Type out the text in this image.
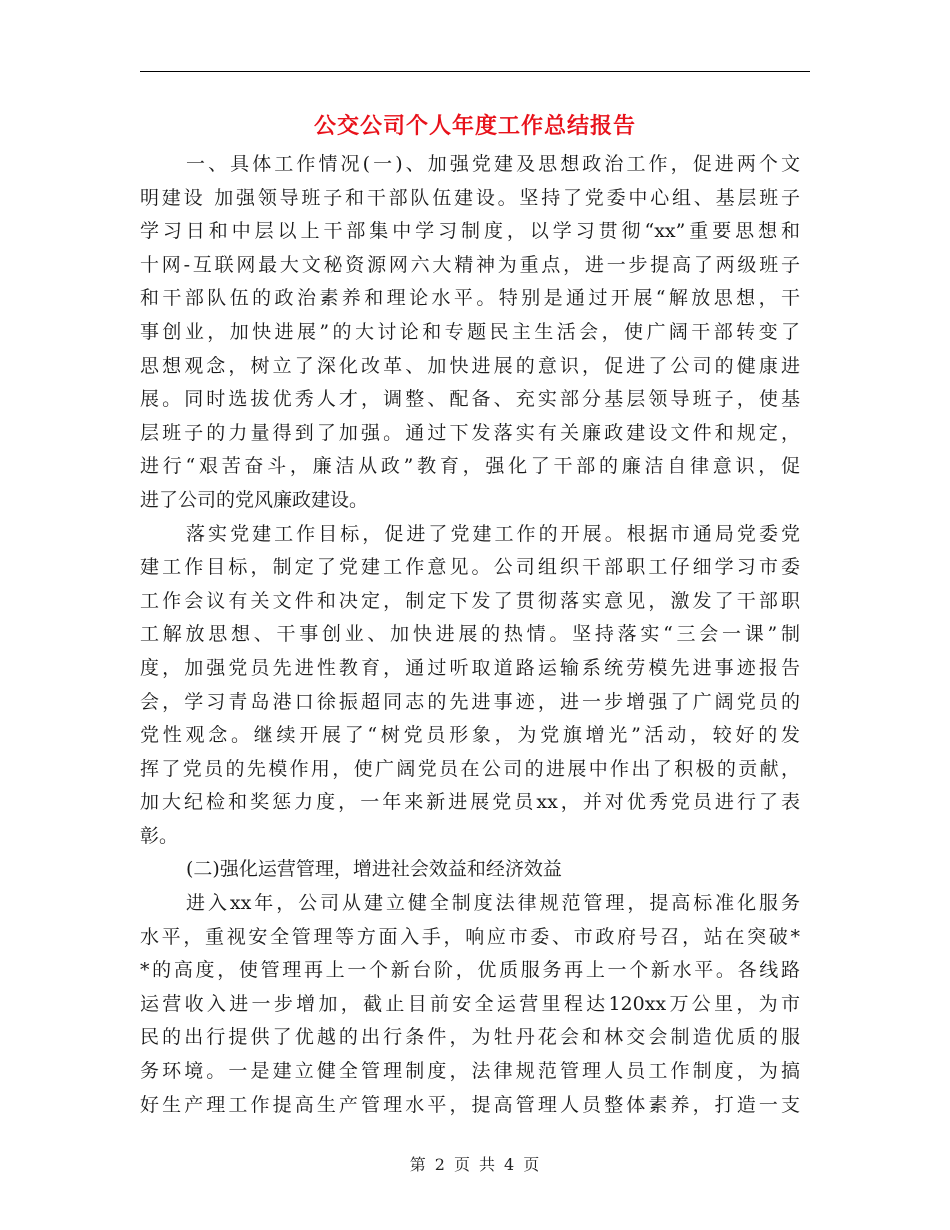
公交公司个人年度工作总结报告
一、具体工作情况(一)、加强党建及思想政治工作，促进两个文
明建设 加强领导班子和干部队伍建设。坚持了党委中心组、基层班子
学习日和中层以上干部集中学习制度，以学习贯彻“xx”重要思想和
十网-互联网最大文秘资源网六大精神为重点，进一步提高了两级班子
和干部队伍的政治素养和理论水平。特别是通过开展“解放思想，干
事创业，加快进展”的大讨论和专题民主生活会，使广阔干部转变了
思想观念，树立了深化改革、加快进展的意识，促进了公司的健康进
展。同时选拔优秀人才，调整、配备、充实部分基层领导班子，使基
层班子的力量得到了加强。通过下发落实有关廉政建设文件和规定，
进行“艰苦奋斗，廉洁从政”教育，强化了干部的廉洁自律意识，促
进了公司的党风廉政建设。
落实党建工作目标，促进了党建工作的开展。根据市通局党委党
建工作目标，制定了党建工作意见。公司组织干部职工仔细学习市委
工作会议有关文件和决定，制定下发了贯彻落实意见，激发了干部职
工解放思想、干事创业、加快进展的热情。坚持落实“三会一课”制
度，加强党员先进性教育，通过听取道路运输系统劳模先进事迹报告
会，学习青岛港口徐振超同志的先进事迹，进一步增强了广阔党员的
党性观念。继续开展了“树党员形象，为党旗增光”活动，较好的发
挥了党员的先模作用，使广阔党员在公司的进展中作出了积极的贡献，
加大纪检和奖惩力度，一年来新进展党员xx，并对优秀党员进行了表
彰。
(二)强化运营管理，增进社会效益和经济效益
进入xx年，公司从建立健全制度法律规范管理，提高标准化服务
水平，重视安全管理等方面入手，响应市委、市政府号召，站在突破*
*的高度，使管理再上一个新台阶，优质服务再上一个新水平。各线路
运营收入进一步增加，截止目前安全运营里程达120xx万公里，为市
民的出行提供了优越的出行条件，为牡丹花会和林交会制造优质的服
务环境。一是建立健全管理制度，法律规范管理人员工作制度，为搞
好生产理工作提高生产管理水平，提高管理人员整体素养，打造一支
第 2 页 共 4 页
